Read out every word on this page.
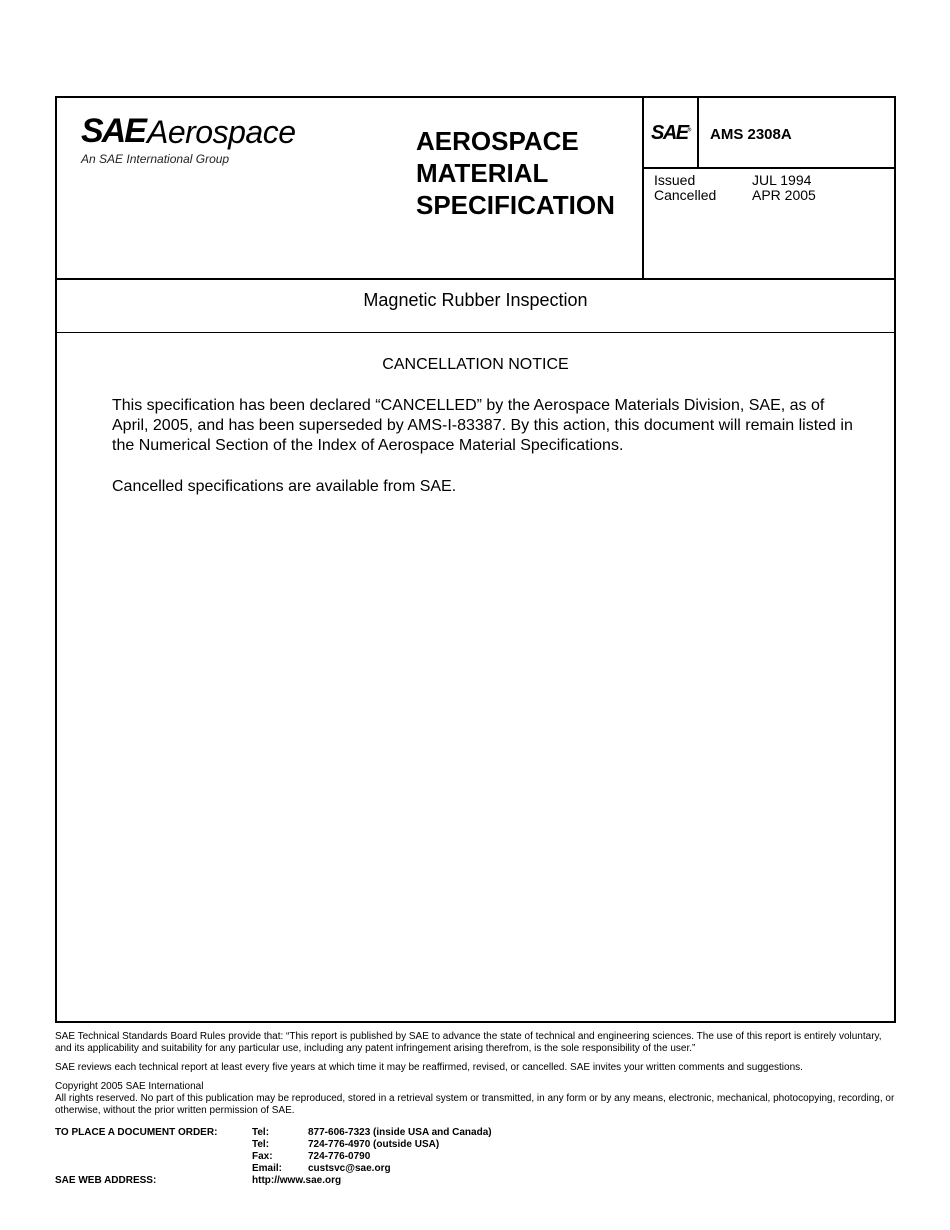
SAE Aerospace
An SAE International Group
AEROSPACE
MATERIAL
SPECIFICATION
SAE® AMS 2308A
Issued	JUL 1994
Cancelled	APR 2005
Magnetic Rubber Inspection
CANCELLATION NOTICE

This specification has been declared “CANCELLED” by the Aerospace Materials Division, SAE, as of April, 2005, and has been superseded by AMS-I-83387. By this action, this document will remain listed in the Numerical Section of the Index of Aerospace Material Specifications.

Cancelled specifications are available from SAE.

SAE Technical Standards Board Rules provide that: “This report is published by SAE to advance the state of technical and engineering sciences. The use of this report is entirely voluntary, and its applicability and suitability for any particular use, including any patent infringement arising therefrom, is the sole responsibility of the user.”

SAE reviews each technical report at least every five years at which time it may be reaffirmed, revised, or cancelled. SAE invites your written comments and suggestions.

Copyright 2005 SAE International
All rights reserved. No part of this publication may be reproduced, stored in a retrieval system or transmitted, in any form or by any means, electronic, mechanical, photocopying, recording, or otherwise, without the prior written permission of SAE.

TO PLACE A DOCUMENT ORDER:	Tel:	877-606-7323 (inside USA and Canada)
Tel:	724-776-4970 (outside USA)
Fax:	724-776-0790
Email:	custsvc@sae.org
SAE WEB ADDRESS:	http://www.sae.org
